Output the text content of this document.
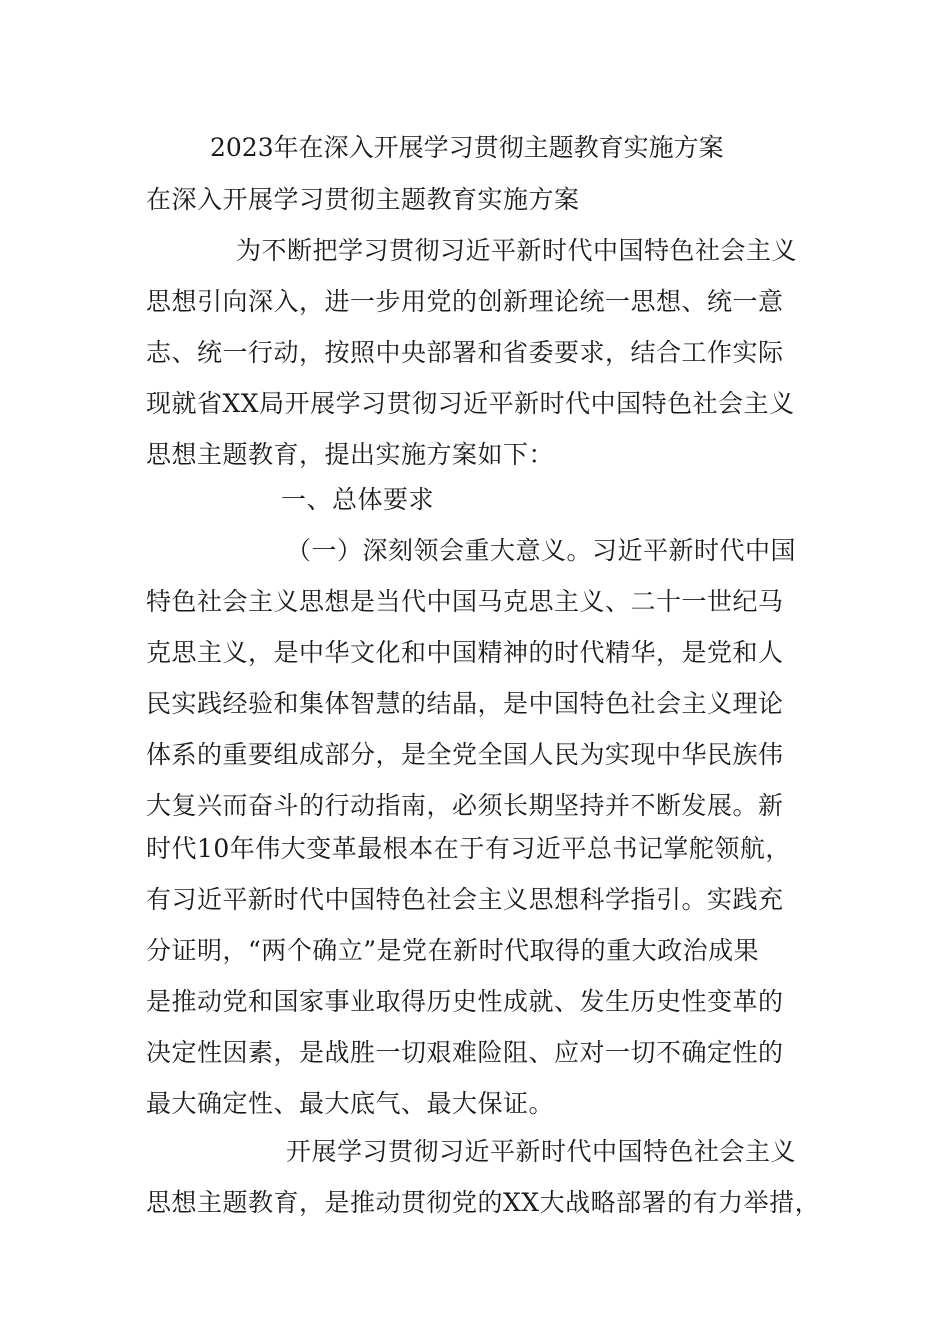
2023年在深入开展学习贯彻主题教育实施方案
在深入开展学习贯彻主题教育实施方案
为不断把学习贯彻习近平新时代中国特色社会主义
思想引向深入，进一步用党的创新理论统一思想、统一意
志、统一行动，按照中央部署和省委要求，结合工作实际
现就省XX局开展学习贯彻习近平新时代中国特色社会主义
思想主题教育，提出实施方案如下：
一、总体要求
（一）深刻领会重大意义。习近平新时代中国
特色社会主义思想是当代中国马克思主义、二十一世纪马
克思主义，是中华文化和中国精神的时代精华，是党和人
民实践经验和集体智慧的结晶，是中国特色社会主义理论
体系的重要组成部分，是全党全国人民为实现中华民族伟
大复兴而奋斗的行动指南，必须长期坚持并不断发展。新
时代10年伟大变革最根本在于有习近平总书记掌舵领航，
有习近平新时代中国特色社会主义思想科学指引。实践充
分证明，“两个确立”是党在新时代取得的重大政治成果
是推动党和国家事业取得历史性成就、发生历史性变革的
决定性因素，是战胜一切艰难险阻、应对一切不确定性的
最大确定性、最大底气、最大保证。
开展学习贯彻习近平新时代中国特色社会主义
思想主题教育，是推动贯彻党的XX大战略部署的有力举措，
